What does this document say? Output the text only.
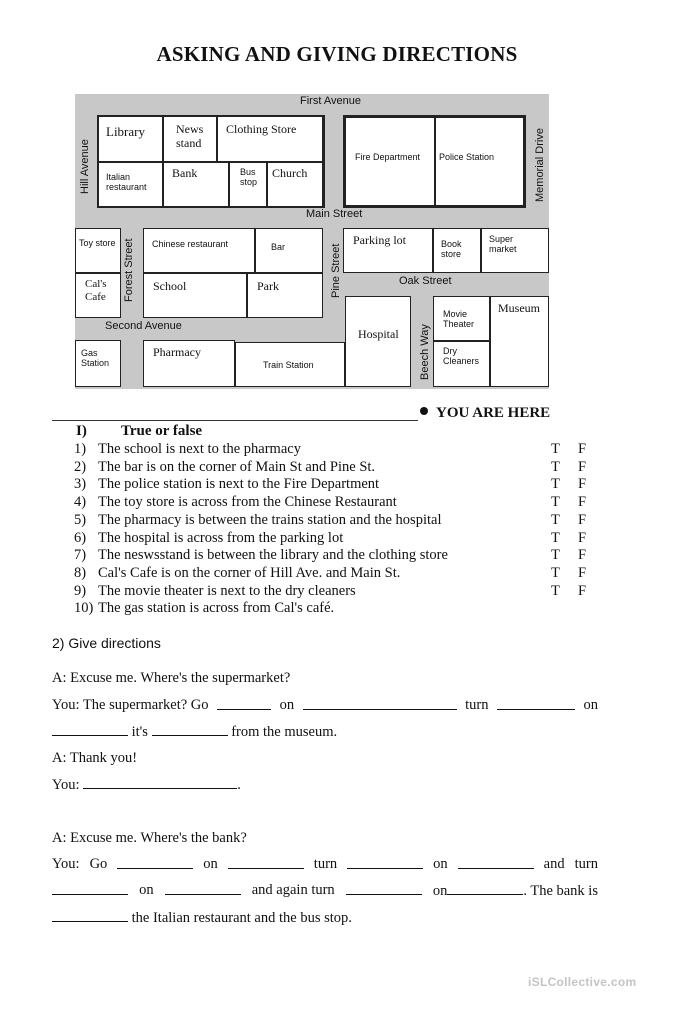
ASKING AND GIVING DIRECTIONS
Library	News stand
Clothing Store
Italian restaurant
Bank	Bus stop
Church
Fire Department Police Station
Toy store
Cal's Cafe
Chinese restaurant	Bar
School	Park
Parking lot	Book store
Super market
Gas Station
Pharmacy
Train Station
Hospital
Movie Theater
Dry Cleaners
Museum
First Avenue
Main Street
Oak Street
Second Avenue
Hill Avenue	Memorial Drive
Forest Street	Pine Street
Beech Way
YOU ARE HERE
I) True or false
1) The school is next to the pharmacy	T F
2) The bar is on the corner of Main St and Pine St.	T F
3) The police station is next to the Fire Department	T F
4) The toy store is across from the Chinese Restaurant	T F
5) The pharmacy is between the trains station and the hospital	T F
6) The hospital is across from the parking lot	T F
7) The neswsstand is between the library and the clothing store	T F
8) Cal's Cafe is on the corner of Hill Ave. and Main St.	T F
9) The movie theater is next to the dry cleaners	T F
10) The gas station is across from Cal's café.
2) Give directions
A: Excuse me. Where's the supermarket?
You: The supermarket? Go	on	turn	on
it's	from the museum.
A: Thank you!
You:	.
A: Excuse me. Where's the bank?
You: Go	on	turn	on	and turn
on	and again turn	on	. The bank is
the Italian restaurant and the bus stop.
iSLCollective.com
